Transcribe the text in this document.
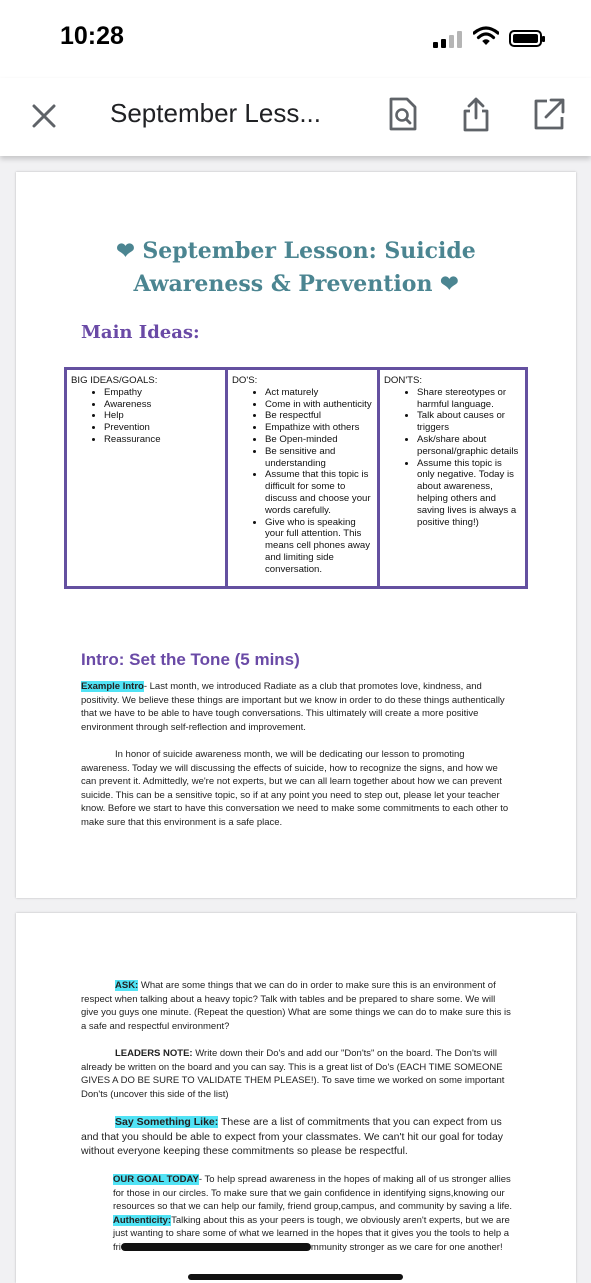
10:28
September Less...
❤ September Lesson: Suicide
Awareness & Prevention ❤
Main Ideas:
BIG IDEAS/GOALS:
• Empathy
• Awareness
• Help
• Prevention
• Reassurance
DO'S:
• Act maturely
• Come in with authenticity
• Be respectful
• Empathize with others
• Be Open-minded
• Be sensitive and understanding
• Assume that this topic is difficult for some to discuss and choose your words carefully.
• Give who is speaking your full attention. This means cell phones away and limiting side conversation.
DON'TS:
• Share stereotypes or harmful language.
• Talk about causes or triggers
• Ask/share about personal/graphic details
• Assume this topic is only negative. Today is about awareness, helping others and saving lives is always a positive thing!)
Intro: Set the Tone (5 mins)

Example Intro- Last month, we introduced Radiate as a club that promotes love, kindness, and positivity. We believe these things are important but we know in order to do these things authentically that we have to be able to have tough conversations. This ultimately will create a more positive environment through self-reflection and improvement.

In honor of suicide awareness month, we will be dedicating our lesson to promoting awareness. Today we will discussing the effects of suicide, how to recognize the signs, and how we can prevent it. Admittedly, we're not experts, but we can all learn together about how we can prevent suicide. This can be a sensitive topic, so if at any point you need to step out, please let your teacher know. Before we start to have this conversation we need to make some commitments to each other to make sure that this environment is a safe place.

ASK: What are some things that we can do in order to make sure this is an environment of respect when talking about a heavy topic? Talk with tables and be prepared to share some. We will give you guys one minute. (Repeat the question) What are some things we can do to make sure this is a safe and respectful environment?

LEADERS NOTE: Write down their Do's and add our "Don'ts" on the board. The Don'ts will already be written on the board and you can say. This is a great list of Do's (EACH TIME SOMEONE GIVES A DO BE SURE TO VALIDATE THEM PLEASE!). To save time we worked on some important Don'ts (uncover this side of the list)

Say Something Like: These are a list of commitments that you can expect from us and that you should be able to expect from your classmates. We can't hit our goal for today without everyone keeping these commitments so please be respectful.

OUR GOAL TODAY- To help spread awareness in the hopes of making all of us stronger allies for those in our circles. To make sure that we gain confidence in identifying signs,knowing our resources so that we can help our family, friend group,campus, and community by saving a life.
Authenticity:Talking about this as your peers is tough, we obviously aren't experts, but we are just wanting to share some of what we learned in the hopes that it gives you the tools to help a fri	mmunity stronger as we care for one another!
